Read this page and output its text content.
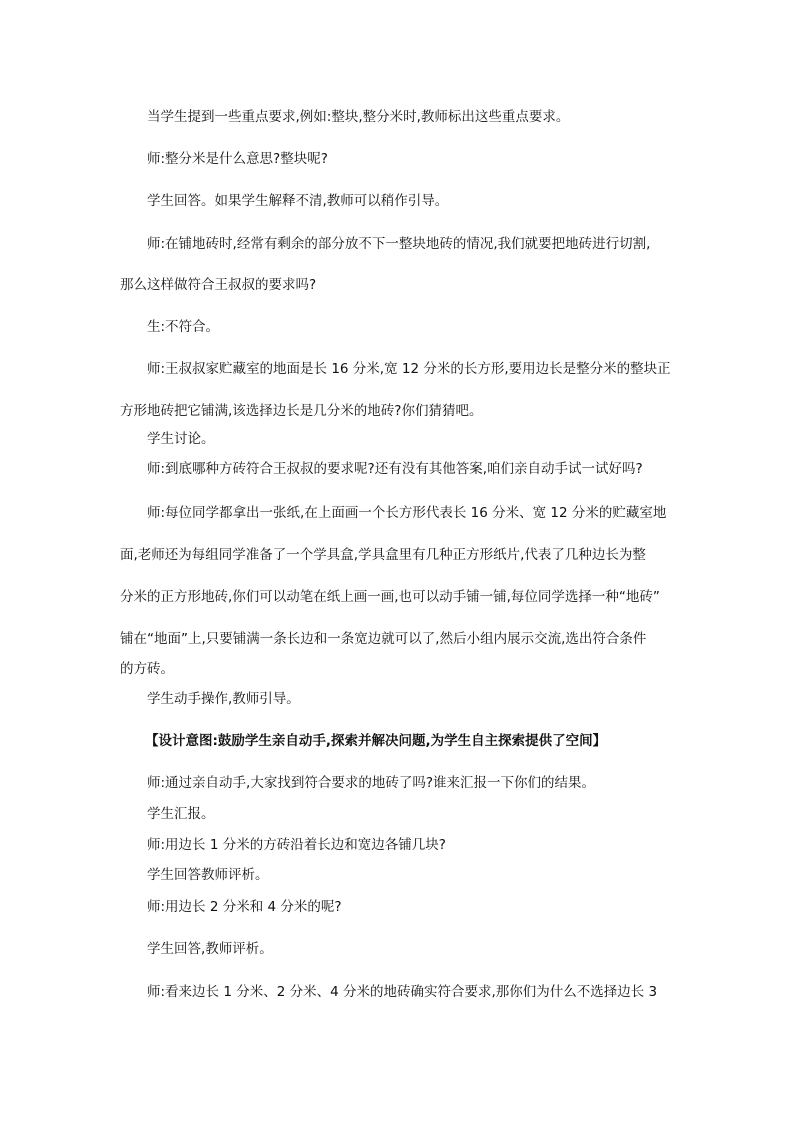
当学生提到一些重点要求,例如:整块,整分米时,教师标出这些重点要求。
师:整分米是什么意思?整块呢?
学生回答。如果学生解释不清,教师可以稍作引导。
师:在铺地砖时,经常有剩余的部分放不下一整块地砖的情况,我们就要把地砖进行切割,
那么这样做符合王叔叔的要求吗?
生:不符合。
师:王叔叔家贮藏室的地面是长 16 分米,宽 12 分米的长方形,要用边长是整分米的整块正
方形地砖把它铺满,该选择边长是几分米的地砖?你们猜猜吧。
学生讨论。
师:到底哪种方砖符合王叔叔的要求呢?还有没有其他答案,咱们亲自动手试一试好吗?
师:每位同学都拿出一张纸,在上面画一个长方形代表长 16 分米、宽 12 分米的贮藏室地
面,老师还为每组同学准备了一个学具盒,学具盒里有几种正方形纸片,代表了几种边长为整
分米的正方形地砖,你们可以动笔在纸上画一画,也可以动手铺一铺,每位同学选择一种“地砖”
铺在“地面”上,只要铺满一条长边和一条宽边就可以了,然后小组内展示交流,选出符合条件
的方砖。
学生动手操作,教师引导。
【设计意图:鼓励学生亲自动手,探索并解决问题,为学生自主探索提供了空间】
师:通过亲自动手,大家找到符合要求的地砖了吗?谁来汇报一下你们的结果。
学生汇报。
师:用边长 1 分米的方砖沿着长边和宽边各铺几块?
学生回答教师评析。
师:用边长 2 分米和 4 分米的呢?
学生回答,教师评析。
师:看来边长 1 分米、2 分米、4 分米的地砖确实符合要求,那你们为什么不选择边长 3
